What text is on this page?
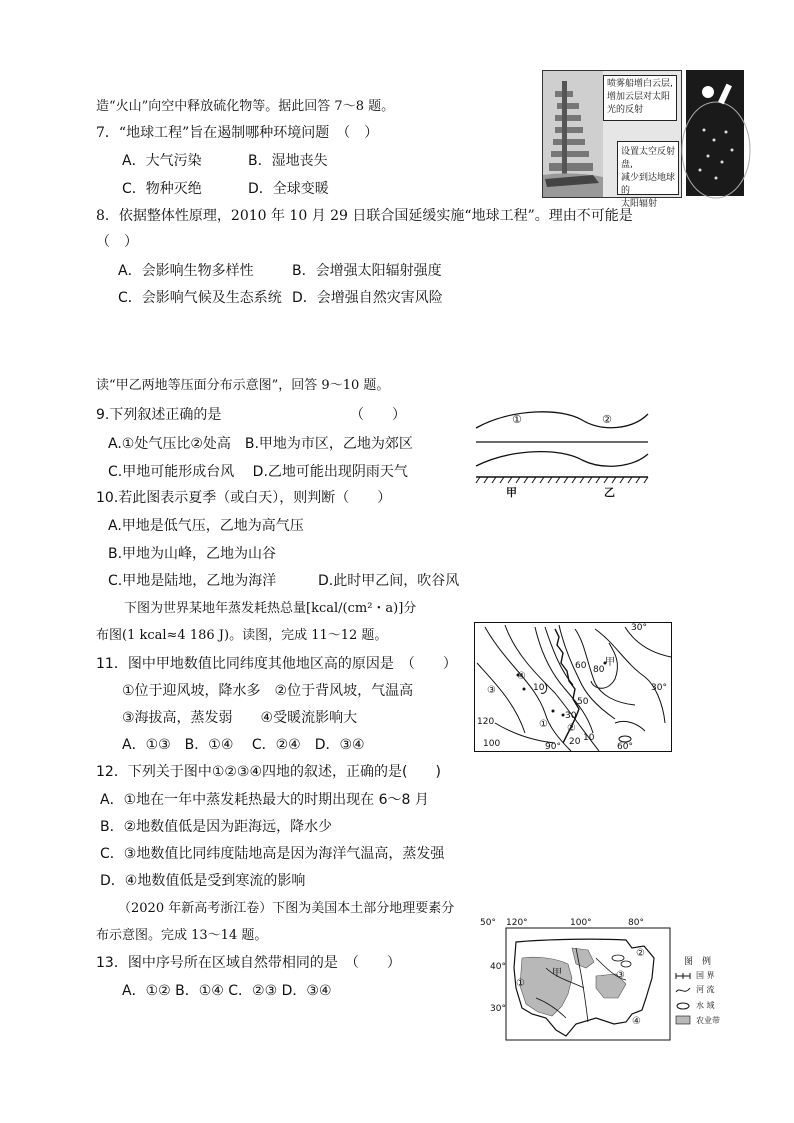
喷雾船增白云层,
增加云层对太阳
光的反射
设置太空反射盘,
减少到达地球的
太阳辐射
造“火山”向空中释放硫化物等。据此回答 7～8 题。
7．“地球工程”旨在遏制哪种环境问题　（　）
A．大气污染	B．湿地丧失
C．物种灭绝	D．全球变暖
8．依据整体性原理，2010 年 10 月 29 日联合国延缓实施“地球工程”。理由不可能是
（　）
A．会影响生物多样性	B．会增强太阳辐射强度
C．会影响气候及生态系统 D．会增强自然灾害风险
读“甲乙两地等压面分布示意图”，回答 9～10 题。
9.下列叙述正确的是	（　　）
A.①处气压比②处高　B.甲地为市区，乙地为郊区
C.甲地可能形成台风　 D.乙地可能出现阴雨天气
10.若此图表示夏季（或白天），则判断（　　）
A.甲地是低气压，乙地为高气压
B.甲地为山峰，乙地为山谷
C.甲地是陆地，乙地为海洋	D.此时甲乙间，吹谷风
①	②
甲	乙
下图为世界某地年蒸发耗热总量[kcal/(cm²・a)]分
布图(1 kcal≈4 186 J)。读图，完成 11～12 题。
11．图中甲地数值比同纬度其他地区高的原因是　（　　）
①位于迎风坡，降水多　②位于背风坡，气温高
③海拔高，蒸发弱　　④受暖流影响大
A．①③　B．①④　 C．②④　D．③④
12．下列关于图中①②③④四地的叙述，正确的是(　　)
A．①地在一年中蒸发耗热最大的时期出现在 6～8 月
B．②地数值低是因为距海远，降水少
C．③地数值比同纬度陆地高是因为海洋气温高，蒸发强
D．④地数值低是受到寒流的影响
30°
60 80
甲
④
10
③
50
30°
120
30
① ②
20 10
100	90°	60°
（2020 年新高考浙江卷）下图为美国本土部分地理要素分
布示意图。完成 13～14 题。
13．图中序号所在区域自然带相同的是　（　　）
A．①② B．①④ C．②③ D．③④
50° 120°	100°	80°
40°
30°
甲
①
②
③
④
图　例
国 界
河 流
水 域
农业带
